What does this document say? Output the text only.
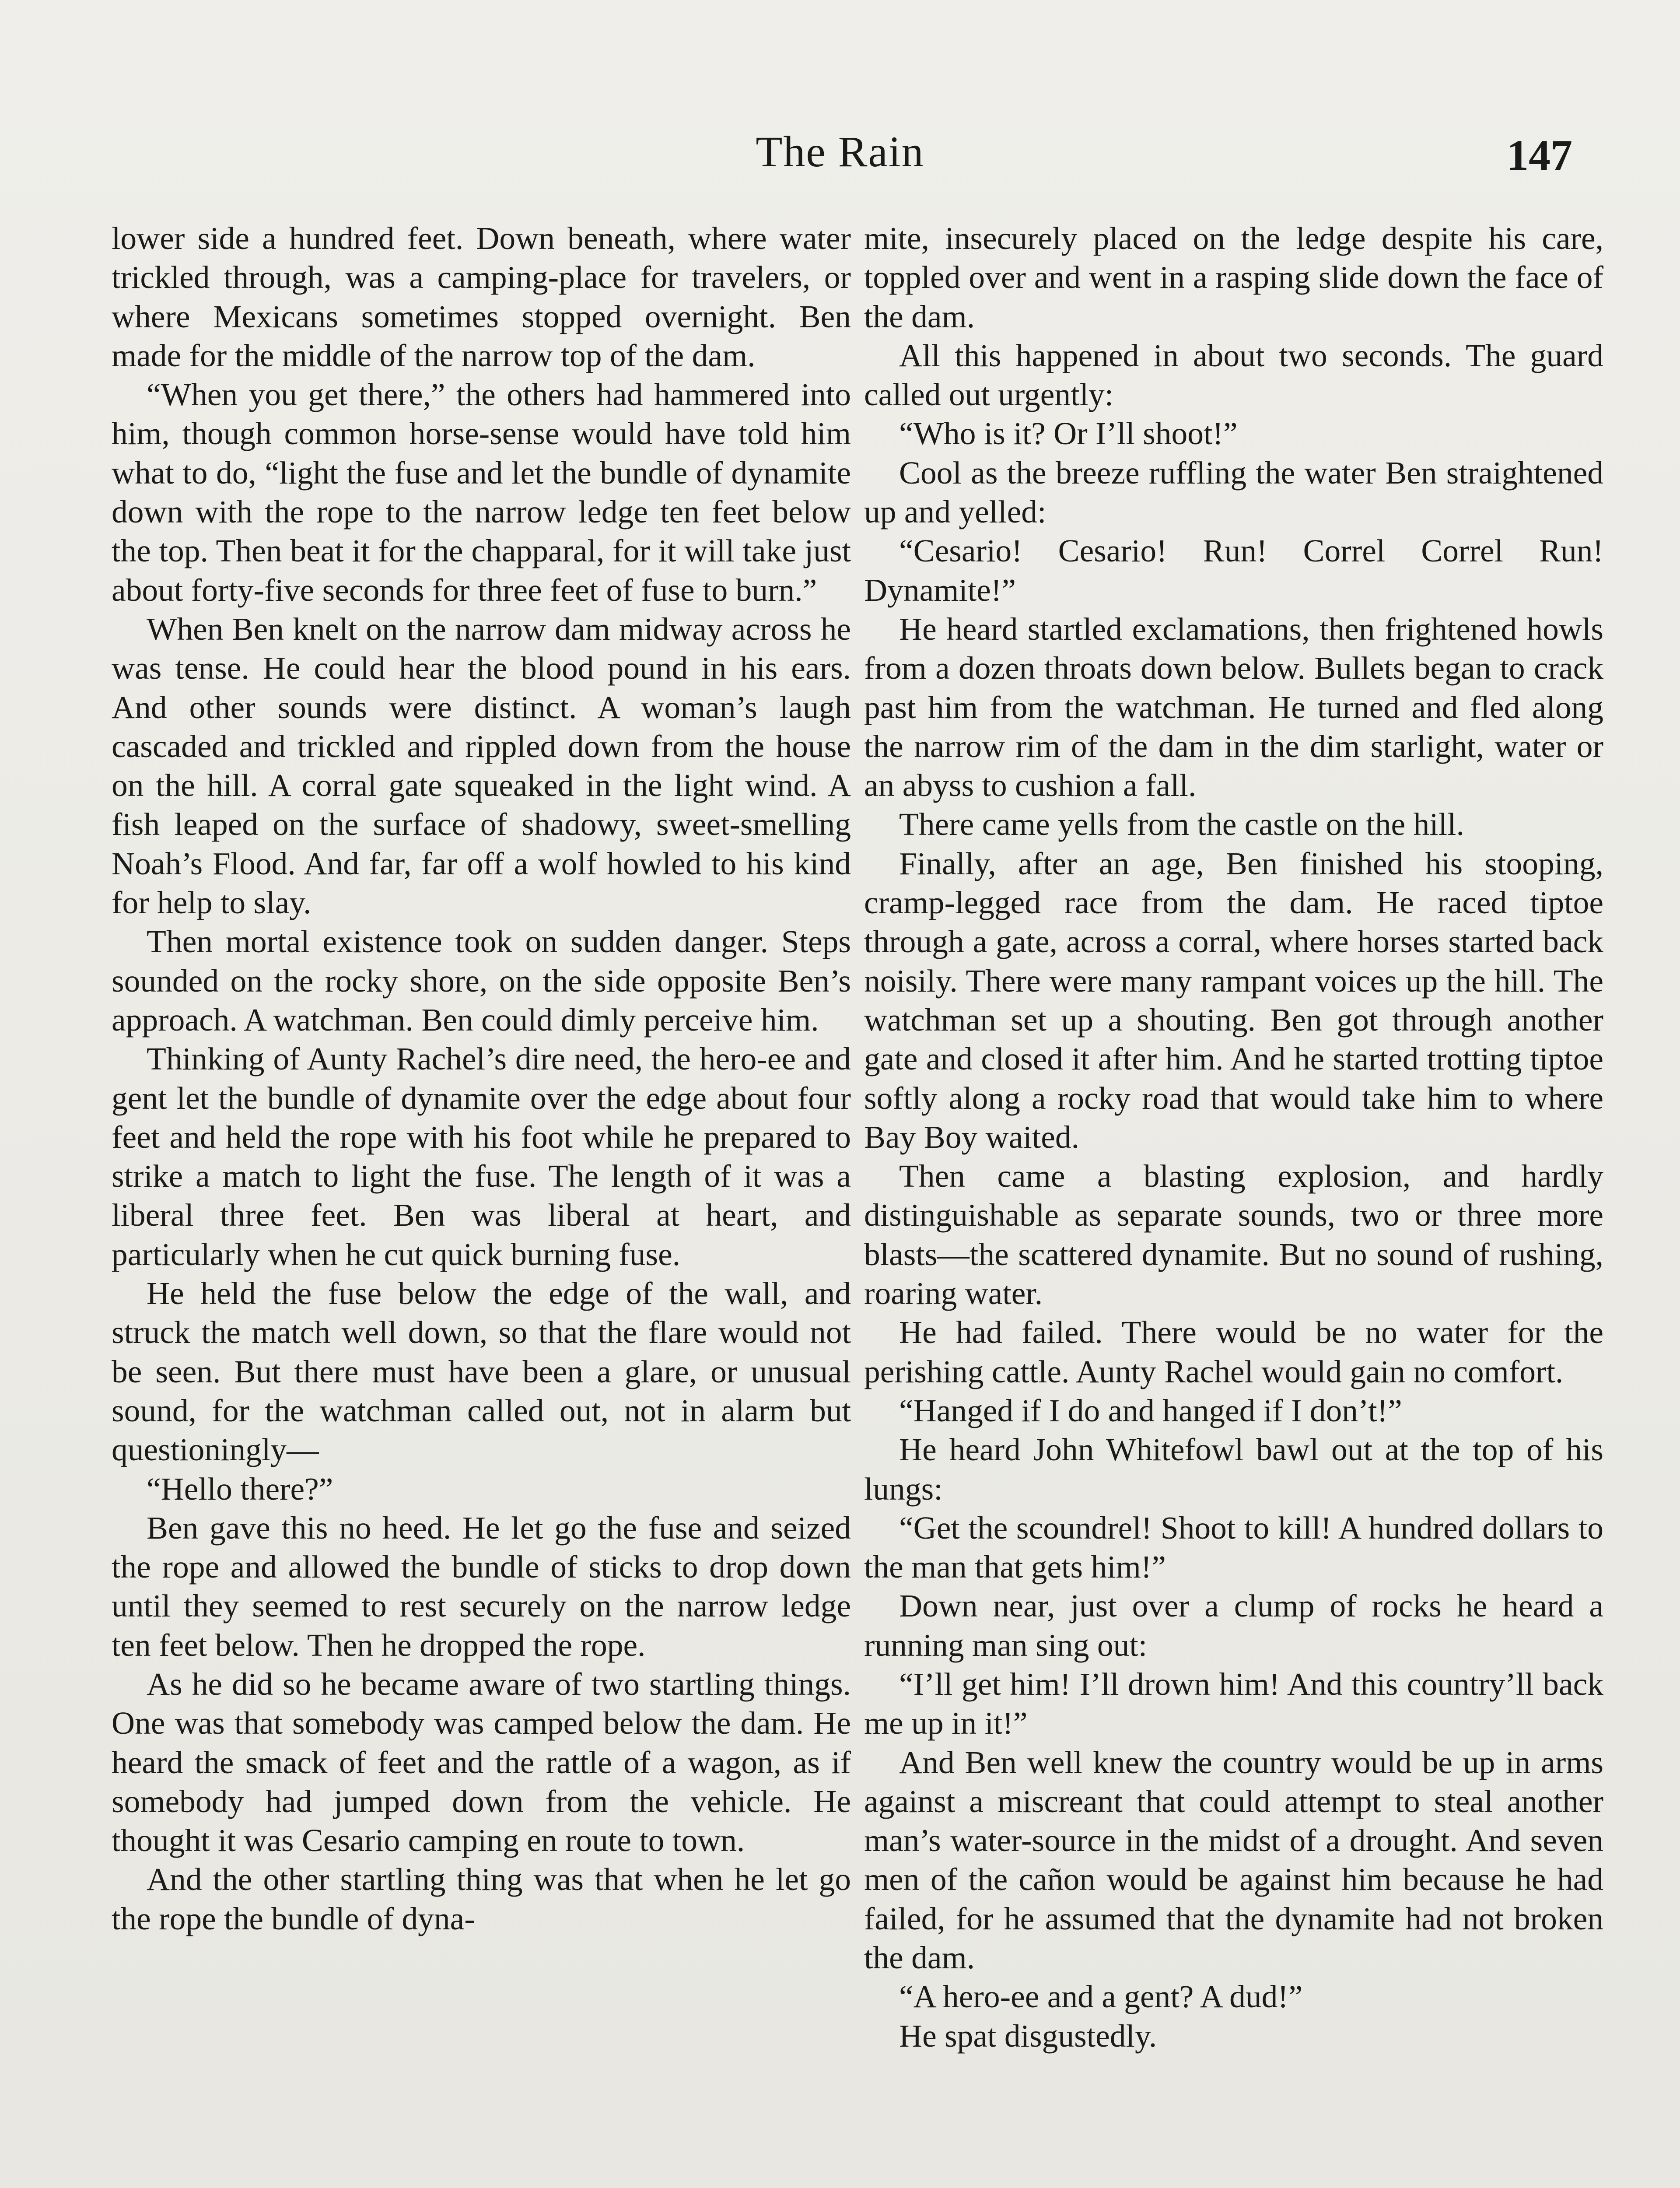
The Rain	147

lower side a hundred feet. Down beneath, where water trickled through, was a camping-place for travelers, or where Mexicans sometimes stopped overnight. Ben made for the middle of the narrow top of the dam.

“When you get there,” the others had hammered into him, though common horse-sense would have told him what to do, “light the fuse and let the bundle of dynamite down with the rope to the narrow ledge ten feet below the top. Then beat it for the chapparal, for it will take just about forty-five seconds for three feet of fuse to burn.”

When Ben knelt on the narrow dam midway across he was tense. He could hear the blood pound in his ears. And other sounds were distinct. A woman’s laugh cascaded and trickled and rippled down from the house on the hill. A corral gate squeaked in the light wind. A fish leaped on the surface of shadowy, sweet-smelling Noah’s Flood. And far, far off a wolf howled to his kind for help to slay.

Then mortal existence took on sudden danger. Steps sounded on the rocky shore, on the side opposite Ben’s approach. A watchman. Ben could dimly perceive him.

Thinking of Aunty Rachel’s dire need, the hero-ee and gent let the bundle of dynamite over the edge about four feet and held the rope with his foot while he prepared to strike a match to light the fuse. The length of it was a liberal three feet. Ben was liberal at heart, and particularly when he cut quick burning fuse.

He held the fuse below the edge of the wall, and struck the match well down, so that the flare would not be seen. But there must have been a glare, or unusual sound, for the watchman called out, not in alarm but questioningly—

“Hello there?”

Ben gave this no heed. He let go the fuse and seized the rope and allowed the bundle of sticks to drop down until they seemed to rest securely on the narrow ledge ten feet below. Then he dropped the rope.

As he did so he became aware of two startling things. One was that somebody was camped below the dam. He heard the smack of feet and the rattle of a wagon, as if somebody had jumped down from the vehicle. He thought it was Cesario camping en route to town.

And the other startling thing was that when he let go the rope the bundle of dyna-

mite, insecurely placed on the ledge despite his care, toppled over and went in a rasping slide down the face of the dam.

All this happened in about two seconds. The guard called out urgently:

“Who is it? Or I’ll shoot!”

Cool as the breeze ruffling the water Ben straightened up and yelled:

“Cesario! Cesario! Run! Correl Correl Run! Dynamite!”

He heard startled exclamations, then frightened howls from a dozen throats down below. Bullets began to crack past him from the watchman. He turned and fled along the narrow rim of the dam in the dim starlight, water or an abyss to cushion a fall.

There came yells from the castle on the hill.

Finally, after an age, Ben finished his stooping, cramp-legged race from the dam. He raced tiptoe through a gate, across a corral, where horses started back noisily. There were many rampant voices up the hill. The watchman set up a shouting. Ben got through another gate and closed it after him. And he started trotting tiptoe softly along a rocky road that would take him to where Bay Boy waited.

Then came a blasting explosion, and hardly distinguishable as separate sounds, two or three more blasts—the scattered dynamite. But no sound of rushing, roaring water.

He had failed. There would be no water for the perishing cattle. Aunty Rachel would gain no comfort.

“Hanged if I do and hanged if I don’t!”

He heard John Whitefowl bawl out at the top of his lungs:

“Get the scoundrel! Shoot to kill! A hundred dollars to the man that gets him!”

Down near, just over a clump of rocks he heard a running man sing out:

“I’ll get him! I’ll drown him! And this country’ll back me up in it!”

And Ben well knew the country would be up in arms against a miscreant that could attempt to steal another man’s water-source in the midst of a drought. And seven men of the cañon would be against him because he had failed, for he assumed that the dynamite had not broken the dam.

“A hero-ee and a gent? A dud!”

He spat disgustedly.
